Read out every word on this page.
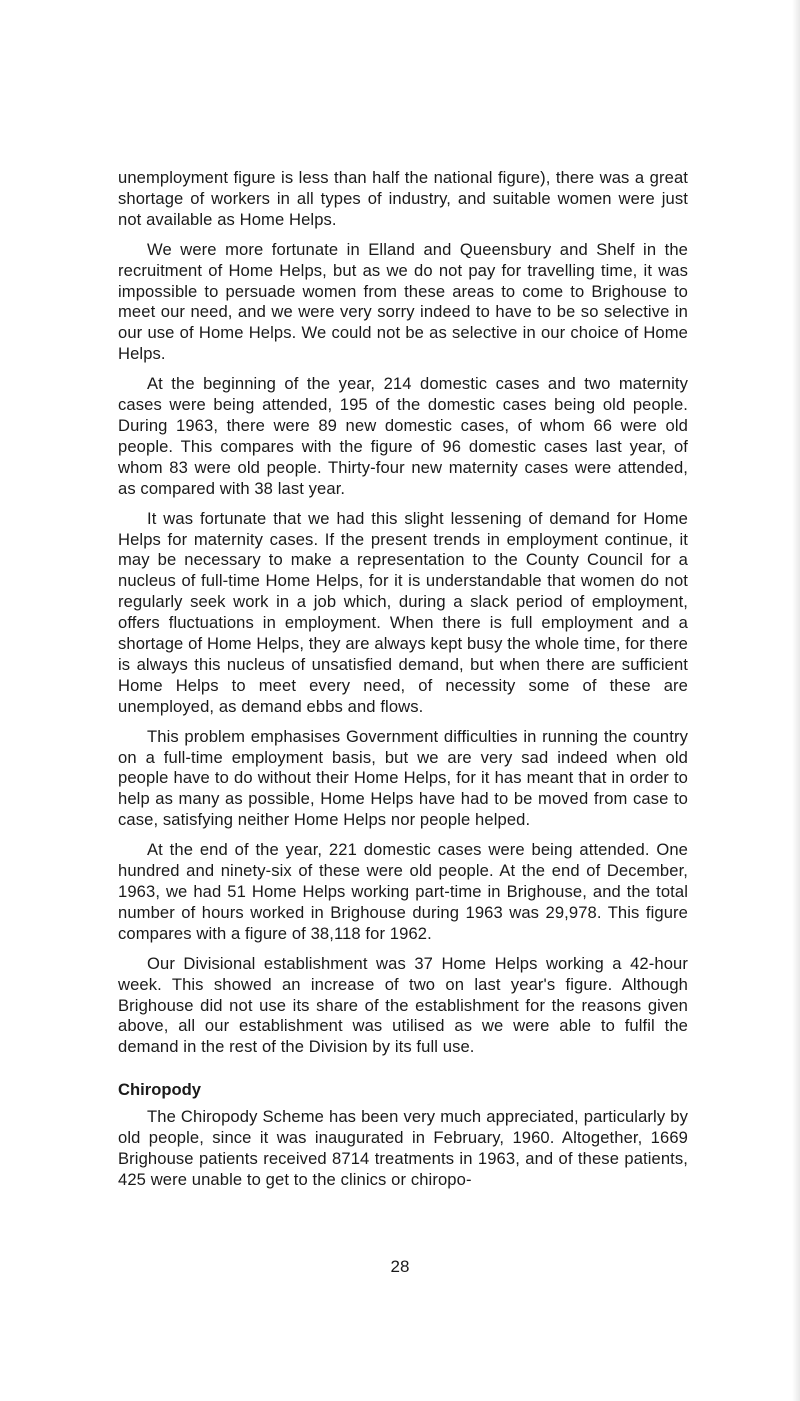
unemployment figure is less than half the national figure), there was a great shortage of workers in all types of industry, and suitable women were just not available as Home Helps.

We were more fortunate in Elland and Queensbury and Shelf in the recruitment of Home Helps, but as we do not pay for travelling time, it was impossible to persuade women from these areas to come to Brighouse to meet our need, and we were very sorry indeed to have to be so selective in our use of Home Helps. We could not be as selective in our choice of Home Helps.

At the beginning of the year, 214 domestic cases and two maternity cases were being attended, 195 of the domestic cases being old people. During 1963, there were 89 new domestic cases, of whom 66 were old people. This compares with the figure of 96 domestic cases last year, of whom 83 were old people. Thirty-four new maternity cases were attended, as compared with 38 last year.

It was fortunate that we had this slight lessening of demand for Home Helps for maternity cases. If the present trends in employment continue, it may be necessary to make a representation to the County Council for a nucleus of full-time Home Helps, for it is understandable that women do not regularly seek work in a job which, during a slack period of employment, offers fluctuations in employment. When there is full employment and a shortage of Home Helps, they are always kept busy the whole time, for there is always this nucleus of unsatisfied demand, but when there are sufficient Home Helps to meet every need, of necessity some of these are unemployed, as demand ebbs and flows.

This problem emphasises Government difficulties in running the country on a full-time employment basis, but we are very sad indeed when old people have to do without their Home Helps, for it has meant that in order to help as many as possible, Home Helps have had to be moved from case to case, satisfying neither Home Helps nor people helped.

At the end of the year, 221 domestic cases were being attended. One hundred and ninety-six of these were old people. At the end of December, 1963, we had 51 Home Helps working part-time in Brighouse, and the total number of hours worked in Brighouse during 1963 was 29,978. This figure compares with a figure of 38,118 for 1962.

Our Divisional establishment was 37 Home Helps working a 42-hour week. This showed an increase of two on last year's figure. Although Brighouse did not use its share of the establishment for the reasons given above, all our establishment was utilised as we were able to fulfil the demand in the rest of the Division by its full use.

Chiropody

The Chiropody Scheme has been very much appreciated, particularly by old people, since it was inaugurated in February, 1960. Altogether, 1669 Brighouse patients received 8714 treatments in 1963, and of these patients, 425 were unable to get to the clinics or chiropo-

28
